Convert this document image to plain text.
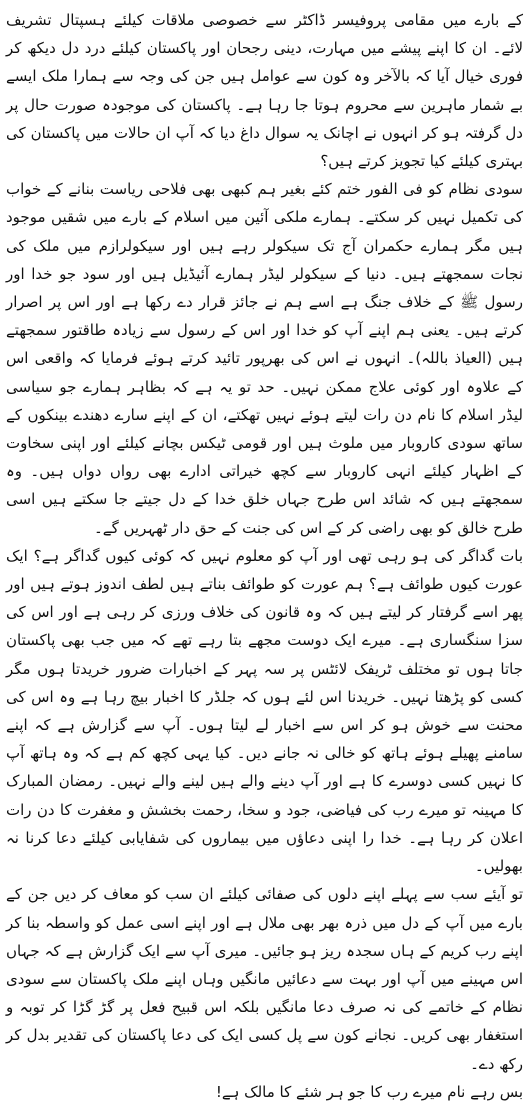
کے بارے میں مقامی پروفیسر ڈاکٹر سے خصوصی ملاقات کیلئے ہسپتال تشریف لائے۔ ان کا اپنے پیشے میں مہارت، دینی رجحان اور پاکستان کیلئے درد دل دیکھ کر فوری خیال آیا کہ بالآخر وہ کون سے عوامل ہیں جن کی وجہ سے ہمارا ملک ایسے بے شمار ماہرین سے محروم ہوتا جا رہا ہے۔ پاکستان کی موجودہ صورت حال پر دل گرفتہ ہو کر انہوں نے اچانک یہ سوال داغ دیا کہ آپ ان حالات میں پاکستان کی بہتری کیلئے کیا تجویز کرتے ہیں؟

سودی نظام کو فی الفور ختم کئے بغیر ہم کبھی بھی فلاحی ریاست بنانے کے خواب کی تکمیل نہیں کر سکتے۔ ہمارے ملکی آئین میں اسلام کے بارے میں شقیں موجود ہیں مگر ہمارے حکمران آج تک سیکولر رہے ہیں اور سیکولرازم میں ملک کی نجات سمجھتے ہیں۔ دنیا کے سیکولر لیڈر ہمارے آئیڈیل ہیں اور سود جو خدا اور رسول ﷺ کے خلاف جنگ ہے اسے ہم نے جائز قرار دے رکھا ہے اور اس پر اصرار کرتے ہیں۔ یعنی ہم اپنے آپ کو خدا اور اس کے رسول سے زیادہ طاقتور سمجھتے ہیں (العیاذ باللہ)۔ انہوں نے اس کی بھرپور تائید کرتے ہوئے فرمایا کہ واقعی اس کے علاوہ اور کوئی علاج ممکن نہیں۔ حد تو یہ ہے کہ بظاہر ہمارے جو سیاسی لیڈر اسلام کا نام دن رات لیتے ہوئے نہیں تھکتے، ان کے اپنے سارے دھندے بینکوں کے ساتھ سودی کاروبار میں ملوث ہیں اور قومی ٹیکس بچانے کیلئے اور اپنی سخاوت کے اظہار کیلئے انہی کاروبار سے کچھ خیراتی ادارے بھی رواں دواں ہیں۔ وہ سمجھتے ہیں کہ شائد اس طرح جہاں خلق خدا کے دل جیتے جا سکتے ہیں اسی طرح خالق کو بھی راضی کر کے اس کی جنت کے حق دار ٹھہریں گے۔

بات گداگر کی ہو رہی تھی اور آپ کو معلوم نہیں کہ کوئی کیوں گداگر ہے؟ ایک عورت کیوں طوائف ہے؟ ہم عورت کو طوائف بناتے ہیں لطف اندوز ہوتے ہیں اور پھر اسے گرفتار کر لیتے ہیں کہ وہ قانون کی خلاف ورزی کر رہی ہے اور اس کی سزا سنگساری ہے۔ میرے ایک دوست مجھے بتا رہے تھے کہ میں جب بھی پاکستان جاتا ہوں تو مختلف ٹریفک لائٹس پر سہ پہر کے اخبارات ضرور خریدتا ہوں مگر کسی کو پڑھتا نہیں۔ خریدنا اس لئے ہوں کہ جلڈر کا اخبار بیچ رہا ہے وہ اس کی محنت سے خوش ہو کر اس سے اخبار لے لیتا ہوں۔ آپ سے گزارش ہے کہ اپنے سامنے پھیلے ہوئے ہاتھ کو خالی نہ جانے دیں۔ کیا یہی کچھ کم ہے کہ وہ ہاتھ آپ کا نہیں کسی دوسرے کا ہے اور آپ دینے والے ہیں لینے والے نہیں۔ رمضان المبارک کا مہینہ تو میرے رب کی فیاضی، جود و سخا، رحمت بخشش و مغفرت کا دن رات اعلان کر رہا ہے۔ خدا را اپنی دعاؤں میں بیماروں کی شفایابی کیلئے دعا کرنا نہ بھولیں۔

تو آیئے سب سے پہلے اپنے دلوں کی صفائی کیلئے ان سب کو معاف کر دیں جن کے بارے میں آپ کے دل میں ذرہ بھر بھی ملال ہے اور اپنے اسی عمل کو واسطہ بنا کر اپنے رب کریم کے ہاں سجدہ ریز ہو جائیں۔ میری آپ سے ایک گزارش ہے کہ جہاں اس مہینے میں آپ اور بہت سے دعائیں مانگیں وہاں اپنے ملک پاکستان سے سودی نظام کے خاتمے کی نہ صرف دعا مانگیں بلکہ اس قبیح فعل پر گڑ گڑا کر توبہ و استغفار بھی کریں۔ نجانے کون سے پل کسی ایک کی دعا پاکستان کی تقدیر بدل کر رکھ دے۔

بس رہے نام میرے رب کا جو ہر شئے کا مالک ہے!
